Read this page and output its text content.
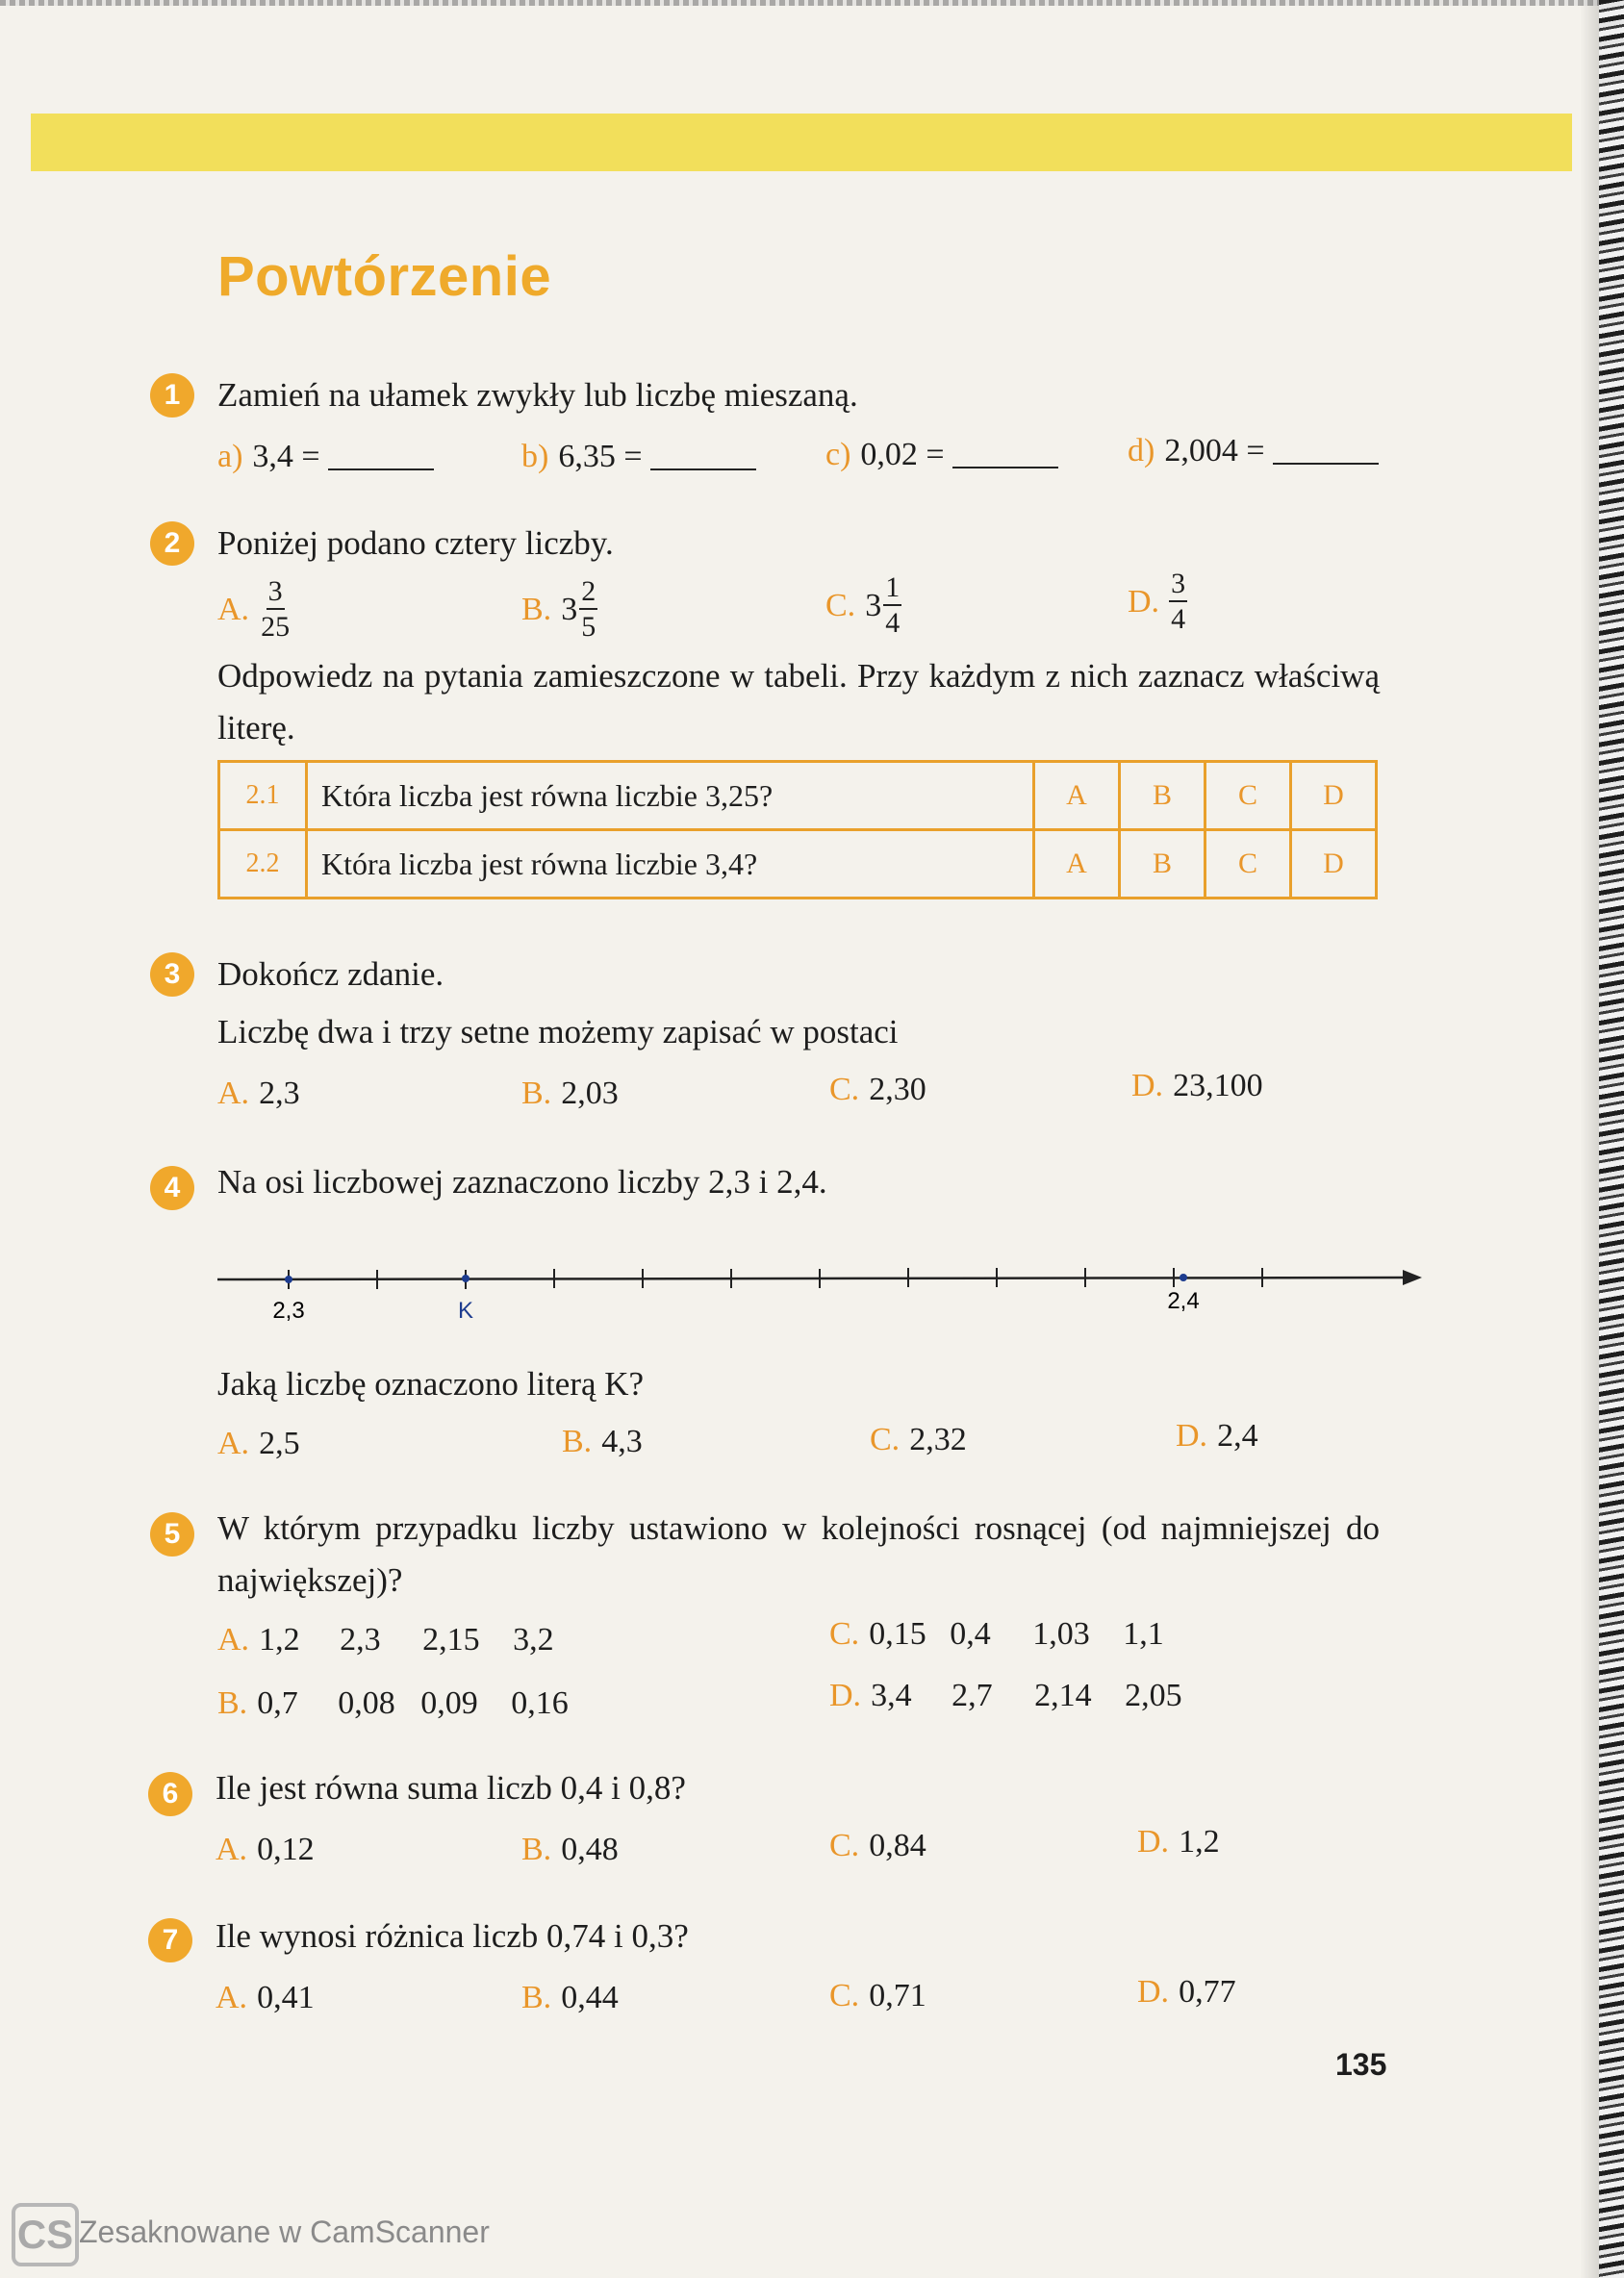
Powtórzenie
1	Zamień na ułamek zwykły lub liczbę mieszaną.
a) 3,4 =	b) 6,35 =	c) 0,02 =	d) 2,004 =
2	Poniżej podano cztery liczby.
A. $\frac{3}{25}$	B. $3 \frac{2}{5}$	C. $3 \frac{1}{4}$	D. $\frac{3}{4}$
Odpowiedz na pytania zamieszczone w tabeli. Przy każdym z nich zaznacz właściwą literę.
2.1	Która liczba jest równa liczbie 3,25?	A	B	C	D
2.2	Która liczba jest równa liczbie 3,4?	A	B	C	D
3	Dokończ zdanie.
Liczbę dwa i trzy setne możemy zapisać w postaci
A. 2,3	B. 2,03	C. 2,30	D. 23,100
4	Na osi liczbowej zaznaczono liczby 2,3 i 2,4.
2,3	K	2,4
Jaką liczbę oznaczono literą K?
A. 2,5	B. 4,3	C. 2,32	D. 2,4
5	W którym przypadku liczby ustawiono w kolejności rosnącej (od najmniejszej do największej)?
A. 1,2	2,3	2,15	3,2
B. 0,7	0,08 0,09	0,16
C. 0,15 0,4	1,03	1,1
D. 3,4	2,7	2,14	2,05
6	Ile jest równa suma liczb 0,4 i 0,8?
A. 0,12	B. 0,48	C. 0,84	D. 1,2
7	Ile wynosi różnica liczb 0,74 i 0,3?
A. 0,41	B. 0,44	C. 0,71	D. 0,77
135
CS Zesaknowane w CamScanner
